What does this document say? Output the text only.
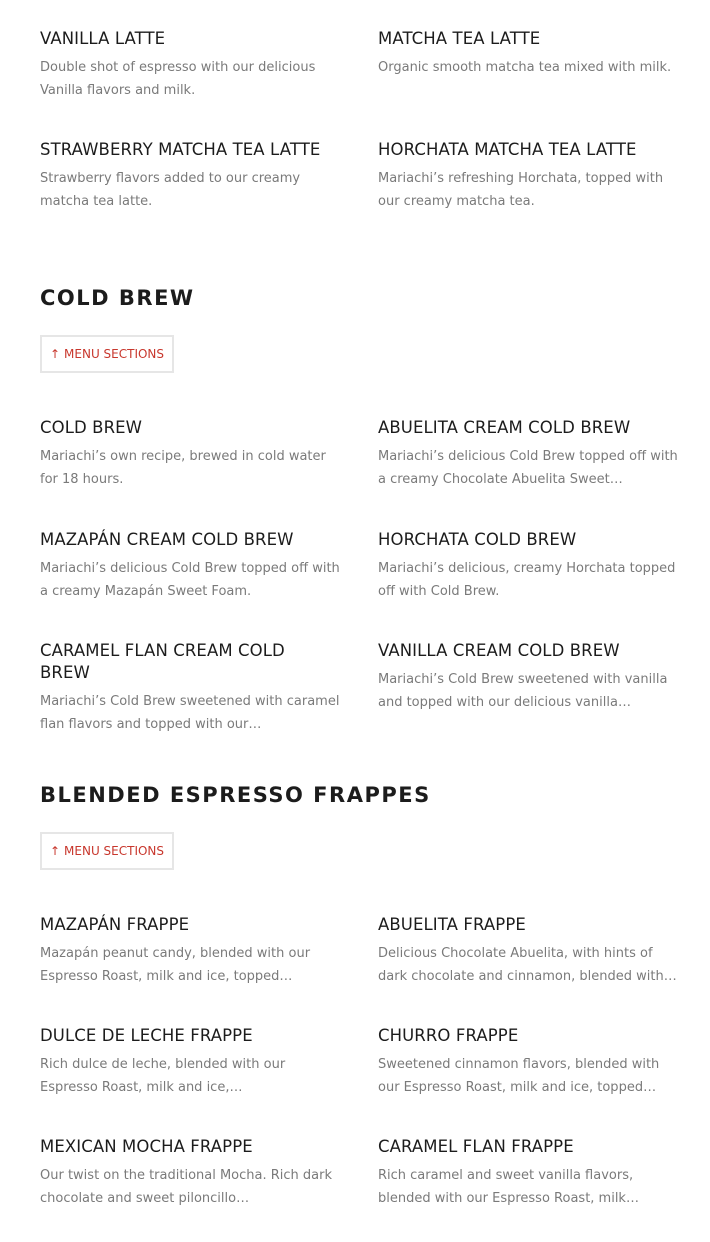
VANILLA LATTE

Double shot of espresso with our delicious Vanilla flavors and milk.

MATCHA TEA LATTE

Organic smooth matcha tea mixed with milk.

STRAWBERRY MATCHA TEA LATTE

Strawberry flavors added to our creamy matcha tea latte.

HORCHATA MATCHA TEA LATTE

Mariachi’s refreshing Horchata, topped with our creamy matcha tea.

COLD BREW
↑ MENU SECTIONS
COLD BREW

Mariachi’s own recipe, brewed in cold water for 18 hours.

ABUELITA CREAM COLD BREW

Mariachi’s delicious Cold Brew topped off with a creamy Chocolate Abuelita Sweet…

MAZAPÁN CREAM COLD BREW

Mariachi’s delicious Cold Brew topped off with a creamy Mazapán Sweet Foam.

HORCHATA COLD BREW

Mariachi’s delicious, creamy Horchata topped off with Cold Brew.

CARAMEL FLAN CREAM COLD BREW

Mariachi’s Cold Brew sweetened with caramel flan flavors and topped with our…

VANILLA CREAM COLD BREW

Mariachi’s Cold Brew sweetened with vanilla and topped with our delicious vanilla…

BLENDED ESPRESSO FRAPPES
↑ MENU SECTIONS
MAZAPÁN FRAPPE

Mazapán peanut candy, blended with our Espresso Roast, milk and ice, topped…

ABUELITA FRAPPE

Delicious Chocolate Abuelita, with hints of dark chocolate and cinnamon, blended with…

DULCE DE LECHE FRAPPE

Rich dulce de leche, blended with our Espresso Roast, milk and ice,…

CHURRO FRAPPE

Sweetened cinnamon flavors, blended with our Espresso Roast, milk and ice, topped…

MEXICAN MOCHA FRAPPE

Our twist on the traditional Mocha. Rich dark chocolate and sweet piloncillo…

CARAMEL FLAN FRAPPE

Rich caramel and sweet vanilla flavors, blended with our Espresso Roast, milk…
